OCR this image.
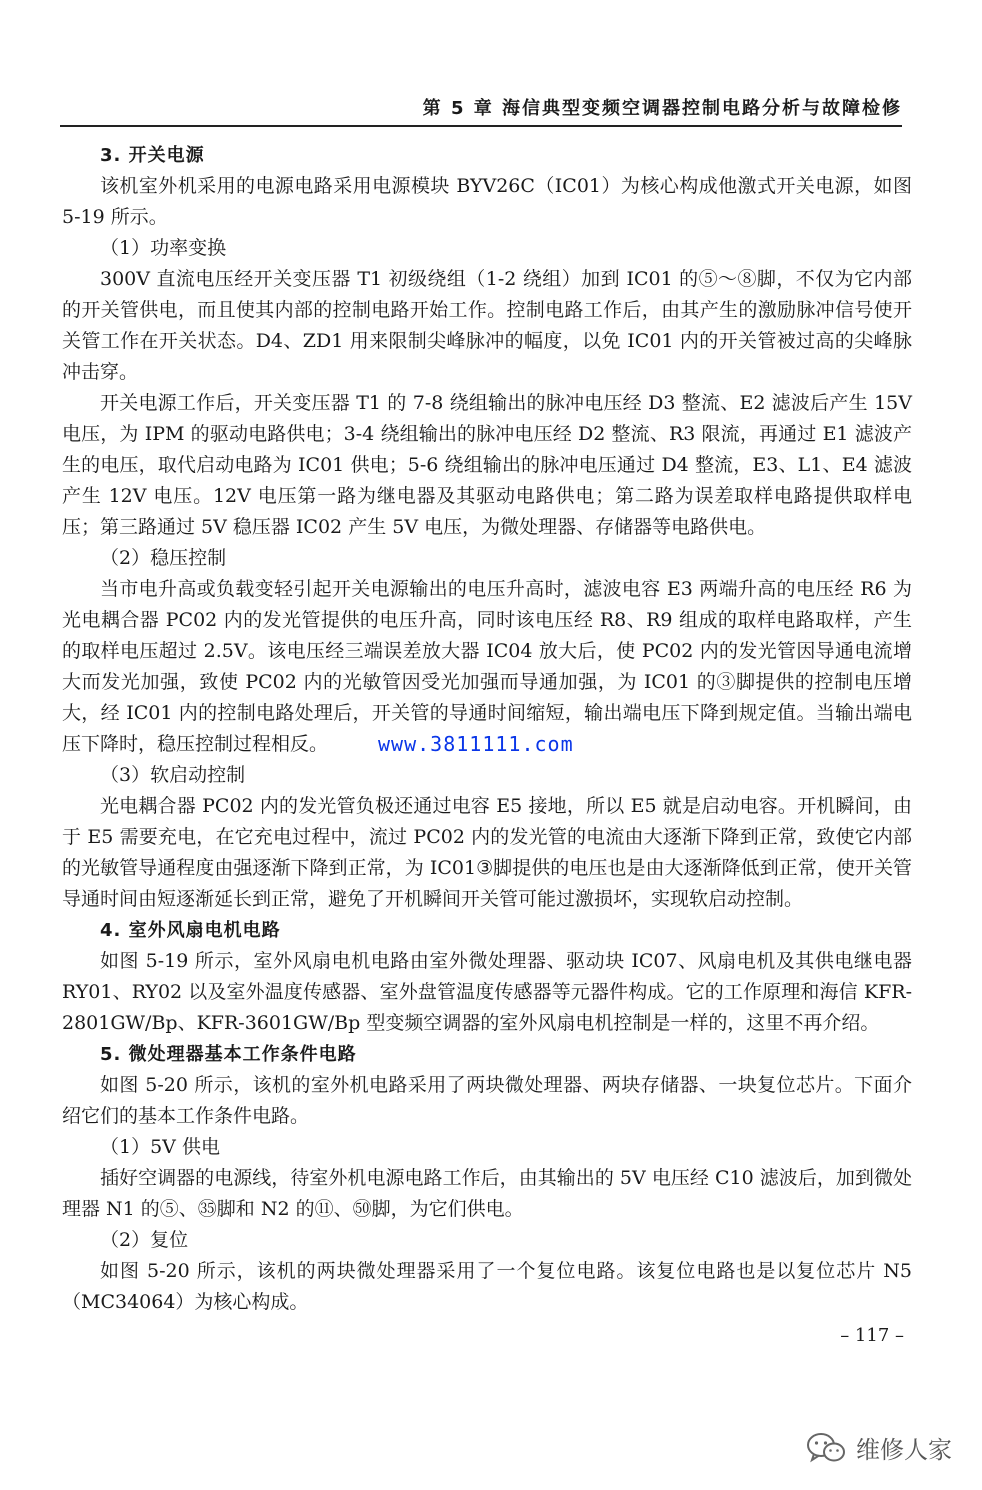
第 5 章 海信典型变频空调器控制电路分析与故障检修

3. 开关电源

该机室外机采用的电源电路采用电源模块 BYV26C（IC01）为核心构成他激式开关电源，如图 5-19 所示。

（1）功率变换

300V 直流电压经开关变压器 T1 初级绕组（1-2 绕组）加到 IC01 的⑤～⑧脚，不仅为它内部的开关管供电，而且使其内部的控制电路开始工作。控制电路工作后，由其产生的激励脉冲信号使开关管工作在开关状态。D4、ZD1 用来限制尖峰脉冲的幅度，以免 IC01 内的开关管被过高的尖峰脉冲击穿。

开关电源工作后，开关变压器 T1 的 7-8 绕组输出的脉冲电压经 D3 整流、E2 滤波后产生 15V 电压，为 IPM 的驱动电路供电；3-4 绕组输出的脉冲电压经 D2 整流、R3 限流，再通过 E1 滤波产生的电压，取代启动电路为 IC01 供电；5-6 绕组输出的脉冲电压通过 D4 整流，E3、L1、E4 滤波产生 12V 电压。12V 电压第一路为继电器及其驱动电路供电；第二路为误差取样电路提供取样电压；第三路通过 5V 稳压器 IC02 产生 5V 电压，为微处理器、存储器等电路供电。

（2）稳压控制

当市电升高或负载变轻引起开关电源输出的电压升高时，滤波电容 E3 两端升高的电压经 R6 为光电耦合器 PC02 内的发光管提供的电压升高，同时该电压经 R8、R9 组成的取样电路取样，产生的取样电压超过 2.5V。该电压经三端误差放大器 IC04 放大后，使 PC02 内的发光管因导通电流增大而发光加强，致使 PC02 内的光敏管因受光加强而导通加强，为 IC01 的③脚提供的控制电压增大，经 IC01 内的控制电路处理后，开关管的导通时间缩短，输出端电压下降到规定值。当输出端电压下降时，稳压控制过程相反。

（3）软启动控制

光电耦合器 PC02 内的发光管负极还通过电容 E5 接地，所以 E5 就是启动电容。开机瞬间，由于 E5 需要充电，在它充电过程中，流过 PC02 内的发光管的电流由大逐渐下降到正常，致使它内部的光敏管导通程度由强逐渐下降到正常，为 IC01③脚提供的电压也是由大逐渐降低到正常，使开关管导通时间由短逐渐延长到正常，避免了开机瞬间开关管可能过激损坏，实现软启动控制。

4. 室外风扇电机电路

如图 5-19 所示，室外风扇电机电路由室外微处理器、驱动块 IC07、风扇电机及其供电继电器 RY01、RY02 以及室外温度传感器、室外盘管温度传感器等元器件构成。它的工作原理和海信 KFR-2801GW/Bp、KFR-3601GW/Bp 型变频空调器的室外风扇电机控制是一样的，这里不再介绍。

5. 微处理器基本工作条件电路

如图 5-20 所示，该机的室外机电路采用了两块微处理器、两块存储器、一块复位芯片。下面介绍它们的基本工作条件电路。

（1）5V 供电

插好空调器的电源线，待室外机电源电路工作后，由其输出的 5V 电压经 C10 滤波后，加到微处理器 N1 的⑤、㉟脚和 N2 的⑪、㊿脚，为它们供电。

（2）复位

如图 5-20 所示，该机的两块微处理器采用了一个复位电路。该复位电路也是以复位芯片 N5（MC34064）为核心构成。

www.3811111.com
– 117 –
维修人家
